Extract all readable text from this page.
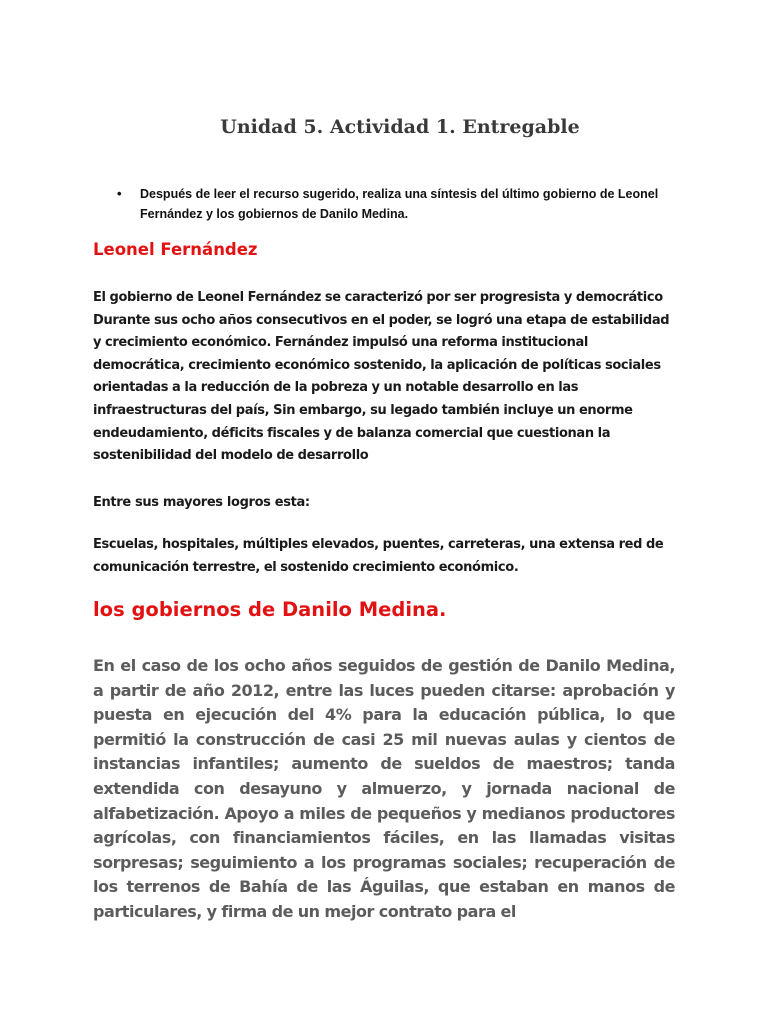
Unidad 5. Actividad 1. Entregable
• Después de leer el recurso sugerido, realiza una síntesis del último gobierno de Leonel Fernández y los gobiernos de Danilo Medina.
Leonel Fernández

El gobierno de Leonel Fernández se caracterizó por ser progresista y democrático Durante sus ocho años consecutivos en el poder, se logró una etapa de estabilidad y crecimiento económico. Fernández impulsó una reforma institucional democrática, crecimiento económico sostenido, la aplicación de políticas sociales orientadas a la reducción de la pobreza y un notable desarrollo en las infraestructuras del país, Sin embargo, su legado también incluye un enorme endeudamiento, déficits fiscales y de balanza comercial que cuestionan la sostenibilidad del modelo de desarrollo

Entre sus mayores logros esta:

Escuelas, hospitales, múltiples elevados, puentes, carreteras, una extensa red de comunicación terrestre, el sostenido crecimiento económico.

los gobiernos de Danilo Medina.

En el caso de los ocho años seguidos de gestión de Danilo Medina, a partir de año 2012, entre las luces pueden citarse: aprobación y puesta en ejecución del 4% para la educación pública, lo que permitió la construcción de casi 25 mil nuevas aulas y cientos de instancias infantiles; aumento de sueldos de maestros; tanda extendida con desayuno y almuerzo, y jornada nacional de alfabetización. Apoyo a miles de pequeños y medianos productores agrícolas, con financiamientos fáciles, en las llamadas visitas sorpresas; seguimiento a los programas sociales; recuperación de los terrenos de Bahía de las Águilas, que estaban en manos de particulares, y firma de un mejor contrato para el
